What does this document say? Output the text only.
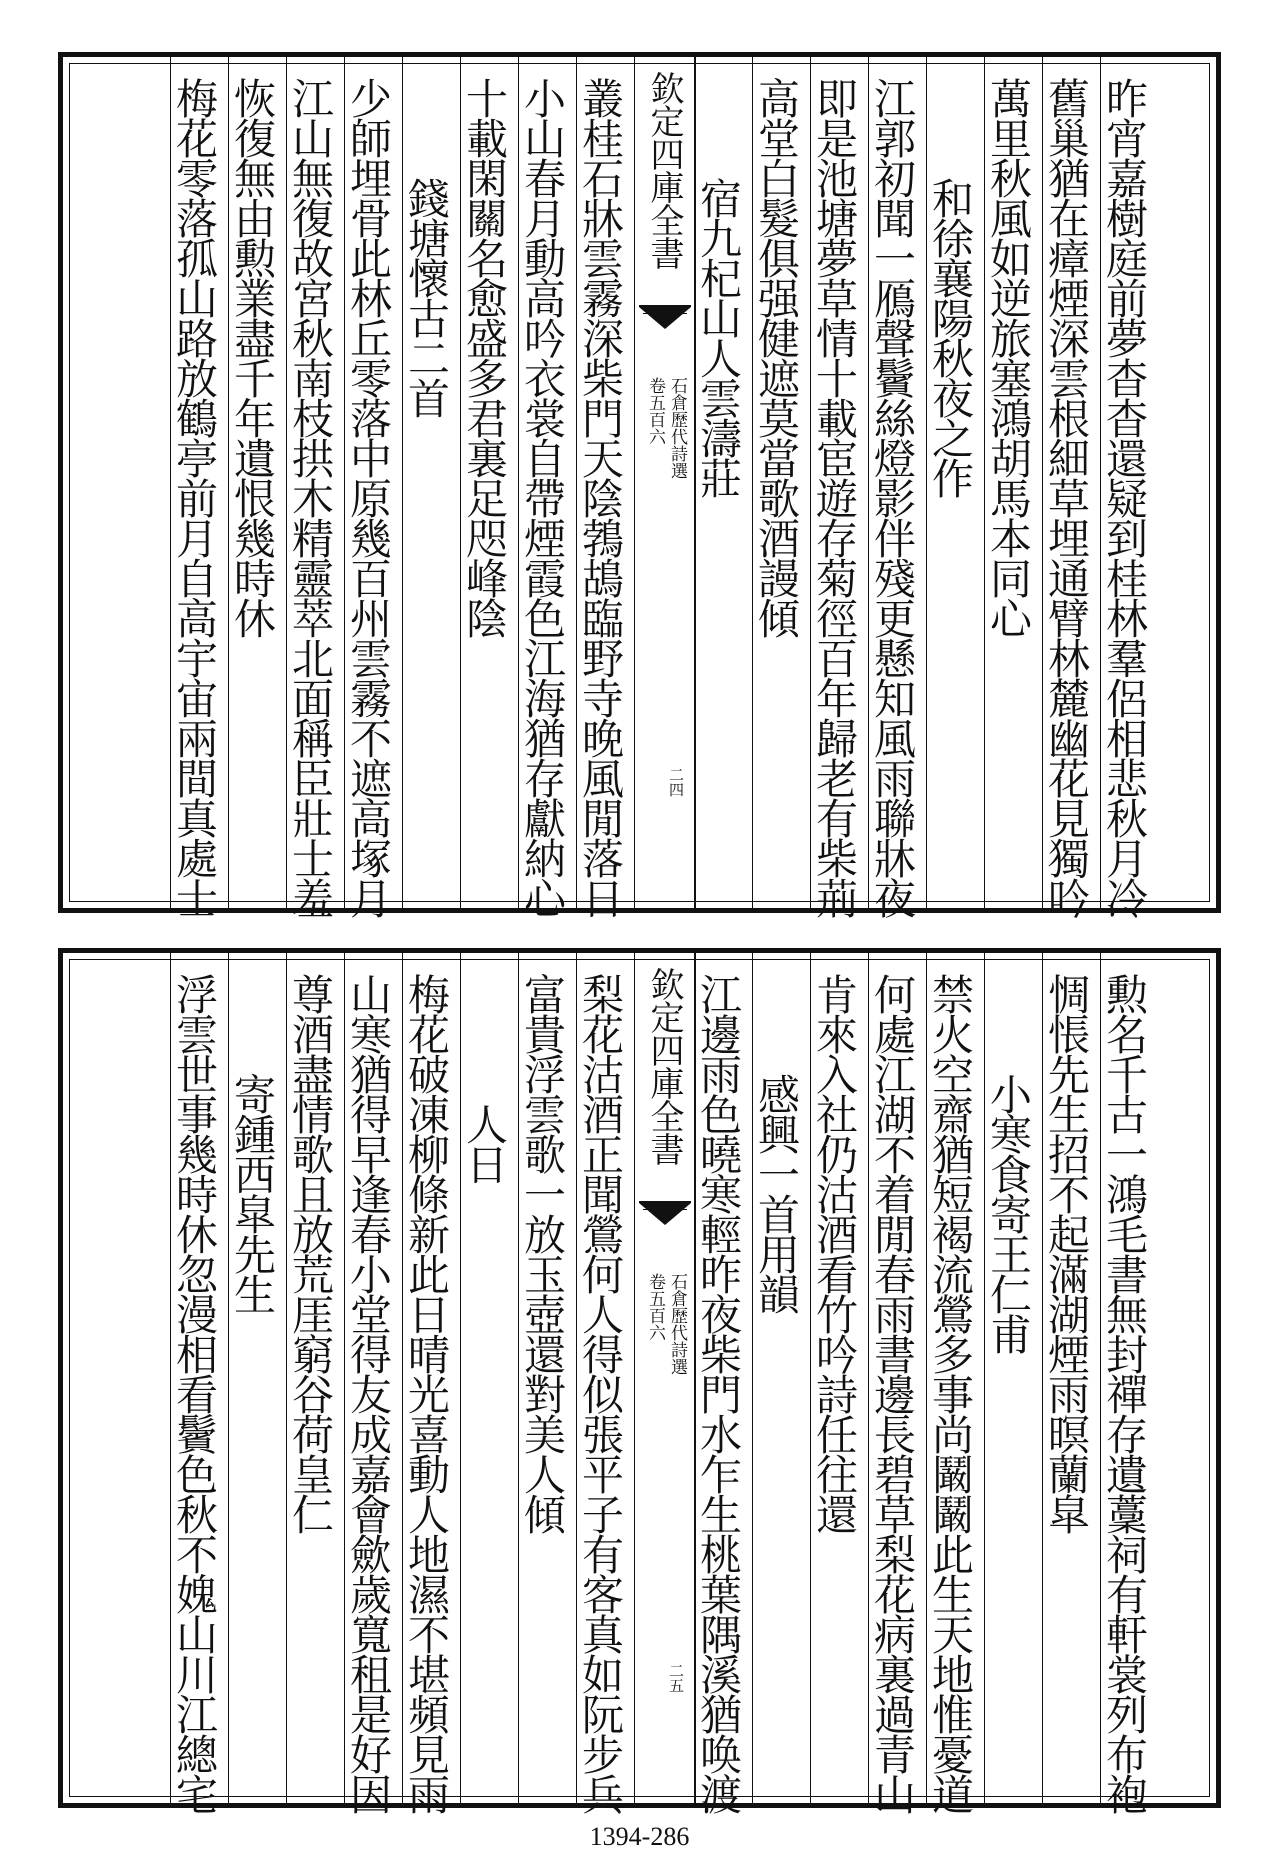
昨宵嘉樹庭前夢杳杳還疑到桂林羣侶相悲秋月冷
舊巢猶在瘴煙深雲根細草埋通臂林麓幽花見獨吟
萬里秋風如逆旅塞鴻胡馬本同心
和徐襄陽秋夜之作
江郭初聞一鴈聲鬢絲燈影伴殘更懸知風雨聯牀夜
即是池塘夢草情十載宦遊存菊徑百年歸老有柴荊
高堂白髮俱强健遮莫當歌酒謾傾
宿九杞山人雲濤莊
叢桂石牀雲霧深柴門天陰鵓鴣臨野寺晚風閒落日
小山春月動高吟衣裳自帶煙霞色江海猶存獻納心
十載閑關名愈盛多君裏足咫峰陰
錢塘懷古二首
少師埋骨此林丘零落中原幾百州雲霧不遮高塚月
江山無復故宮秋南枝拱木精靈萃北面稱臣壯士羞
恢復無由勲業盡千年遺恨幾時休
梅花零落孤山路放鶴亭前月自高宇宙兩間真處士	欽定四庫全書
石倉歷代詩選
卷五百六
二四
勲名千古一鴻毛書無封禪存遺藳祠有軒裳列布袍
惆悵先生招不起滿湖煙雨暝蘭皐
小寒食寄王仁甫
禁火空齋猶短褐流鶯多事尚鬫鬫此生天地惟憂道
何處江湖不着閒春雨書邊長碧草梨花病裏過青山
肯來入社仍沽酒看竹吟詩任往還
感興一首用韻
江邊雨色曉寒輕昨夜柴門水乍生桃葉隅溪猶唤渡
梨花沽酒正聞鶯何人得似張平子有客真如阮步兵
富貴浮雲歌一放玉壺還對美人傾
人日
梅花破凍柳條新此日晴光喜動人地濕不堪頻見雨
山寒猶得早逢春小堂得友成嘉會歛歲寬租是好因
尊酒盡情歌且放荒厓窮谷荷皇仁
寄鍾西皐先生
浮雲世事幾時休忽漫相看鬢色秋不媿山川江總宅	欽定四庫全書
石倉歷代詩選
卷五百六
二五
1394-286
